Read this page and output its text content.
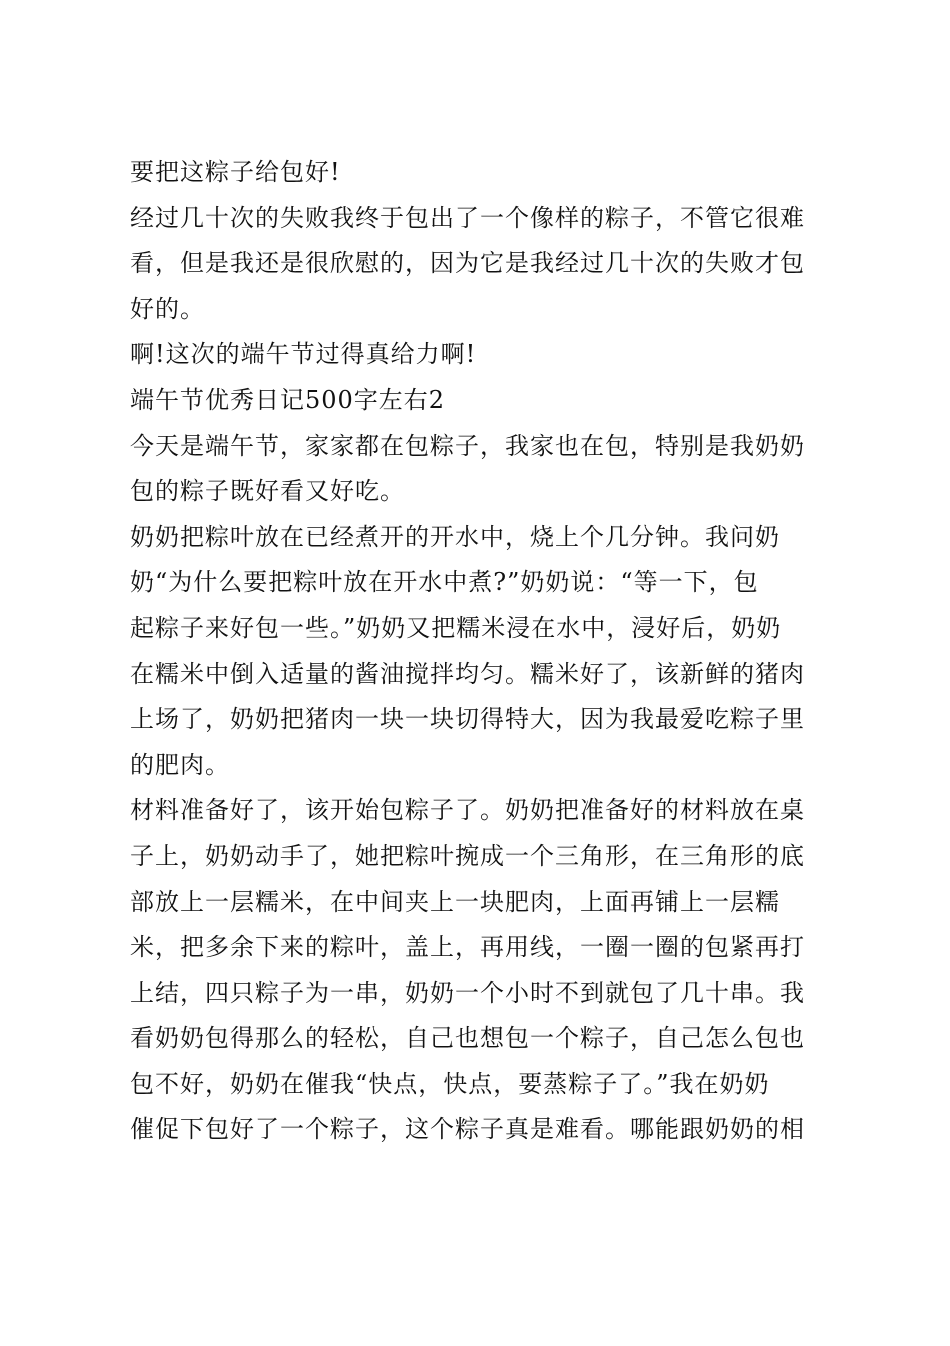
要把这粽子给包好!

经过几十次的失败我终于包出了一个像样的粽子，不管它很难

看，但是我还是很欣慰的，因为它是我经过几十次的失败才包

好的。

啊!这次的端午节过得真给力啊!

端午节优秀日记500字左右2

今天是端午节，家家都在包粽子，我家也在包，特别是我奶奶

包的粽子既好看又好吃。

奶奶把粽叶放在已经煮开的开水中，烧上个几分钟。我问奶

奶“为什么要把粽叶放在开水中煮?”奶奶说：“等一下，包

起粽子来好包一些。”奶奶又把糯米浸在水中，浸好后，奶奶

在糯米中倒入适量的酱油搅拌均匀。糯米好了，该新鲜的猪肉

上场了，奶奶把猪肉一块一块切得特大，因为我最爱吃粽子里

的肥肉。

材料准备好了，该开始包粽子了。奶奶把准备好的材料放在桌

子上，奶奶动手了，她把粽叶捥成一个三角形，在三角形的底

部放上一层糯米，在中间夹上一块肥肉，上面再铺上一层糯

米，把多余下来的粽叶，盖上，再用线，一圈一圈的包紧再打

上结，四只粽子为一串，奶奶一个小时不到就包了几十串。我

看奶奶包得那么的轻松，自己也想包一个粽子，自己怎么包也

包不好，奶奶在催我“快点，快点，要蒸粽子了。”我在奶奶

催促下包好了一个粽子，这个粽子真是难看。哪能跟奶奶的相
